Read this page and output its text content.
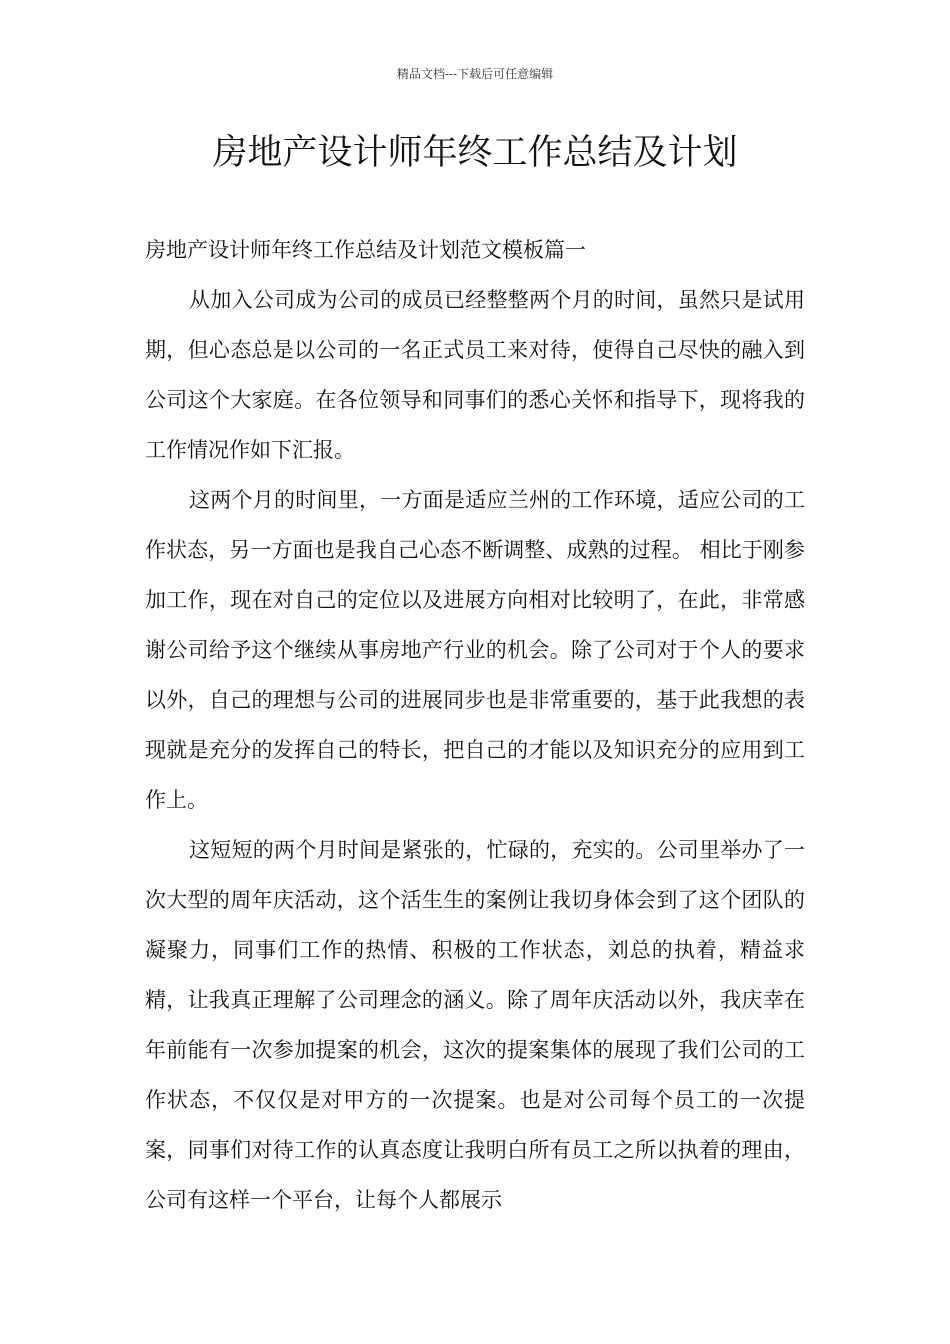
精品文档---下载后可任意编辑
房地产设计师年终工作总结及计划

房地产设计师年终工作总结及计划范文模板篇一

从加入公司成为公司的成员已经整整两个月的时间，虽然只是试用期，但心态总是以公司的一名正式员工来对待，使得自己尽快的融入到公司这个大家庭。在各位领导和同事们的悉心关怀和指导下，现将我的工作情况作如下汇报。

这两个月的时间里，一方面是适应兰州的工作环境，适应公司的工作状态，另一方面也是我自己心态不断调整、成熟的过程。 相比于刚参加工作，现在对自己的定位以及进展方向相对比较明了，在此，非常感谢公司给予这个继续从事房地产行业的机会。除了公司对于个人的要求以外，自己的理想与公司的进展同步也是非常重要的，基于此我想的表现就是充分的发挥自己的特长，把自己的才能以及知识充分的应用到工作上。

这短短的两个月时间是紧张的，忙碌的，充实的。公司里举办了一次大型的周年庆活动，这个活生生的案例让我切身体会到了这个团队的凝聚力，同事们工作的热情、积极的工作状态，刘总的执着，精益求精，让我真正理解了公司理念的涵义。除了周年庆活动以外，我庆幸在年前能有一次参加提案的机会，这次的提案集体的展现了我们公司的工作状态，不仅仅是对甲方的一次提案。也是对公司每个员工的一次提案，同事们对待工作的认真态度让我明白所有员工之所以执着的理由，公司有这样一个平台，让每个人都展示
